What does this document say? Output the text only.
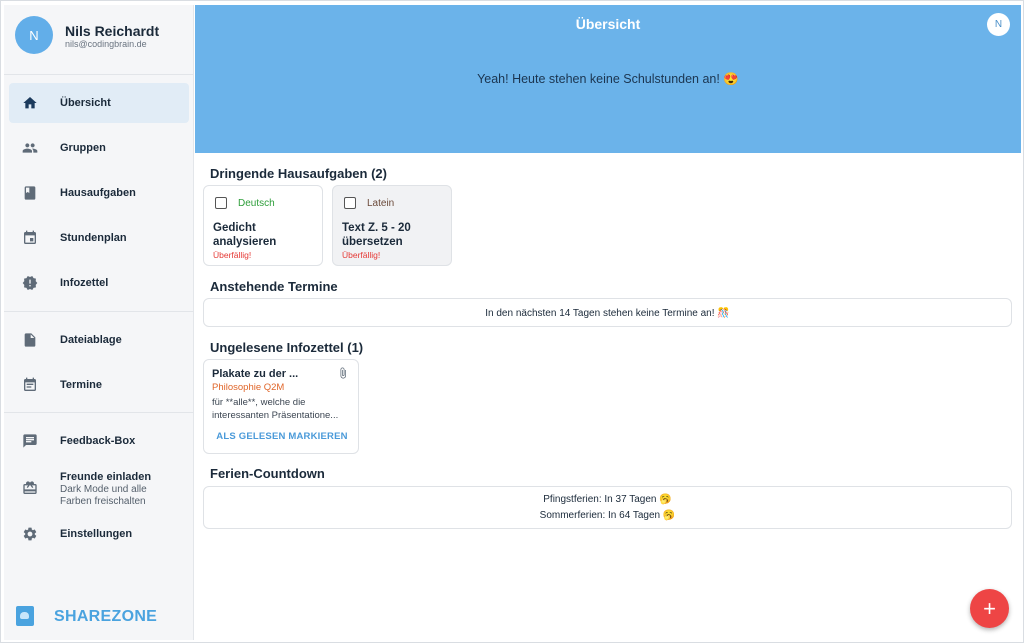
N	Nils Reichardt
nils@codingbrain.de
Übersicht
Gruppen
Hausaufgaben
Stundenplan
Infozettel
Dateiablage
Termine
Feedback-Box
Freunde einladen
Dark Mode und alle Farben freischalten
Einstellungen
SHAREZONE
Übersicht	N
Yeah! Heute stehen keine Schulstunden an! 😍
Dringende Hausaufgaben (2)
Deutsch
Gedicht analysieren
Überfällig!
Latein
Text Z. 5 - 20 übersetzen
Überfällig!
Anstehende Termine
In den nächsten 14 Tagen stehen keine Termine an! 🎊
Ungelesene Infozettel (1)
Plakate zu der ...
Philosophie Q2M
für **alle**, welche die interessanten Präsentatione...
ALS GELESEN MARKIEREN
Ferien-Countdown
Pfingstferien: In 37 Tagen 🥱
Sommerferien: In 64 Tagen 🥱
+
